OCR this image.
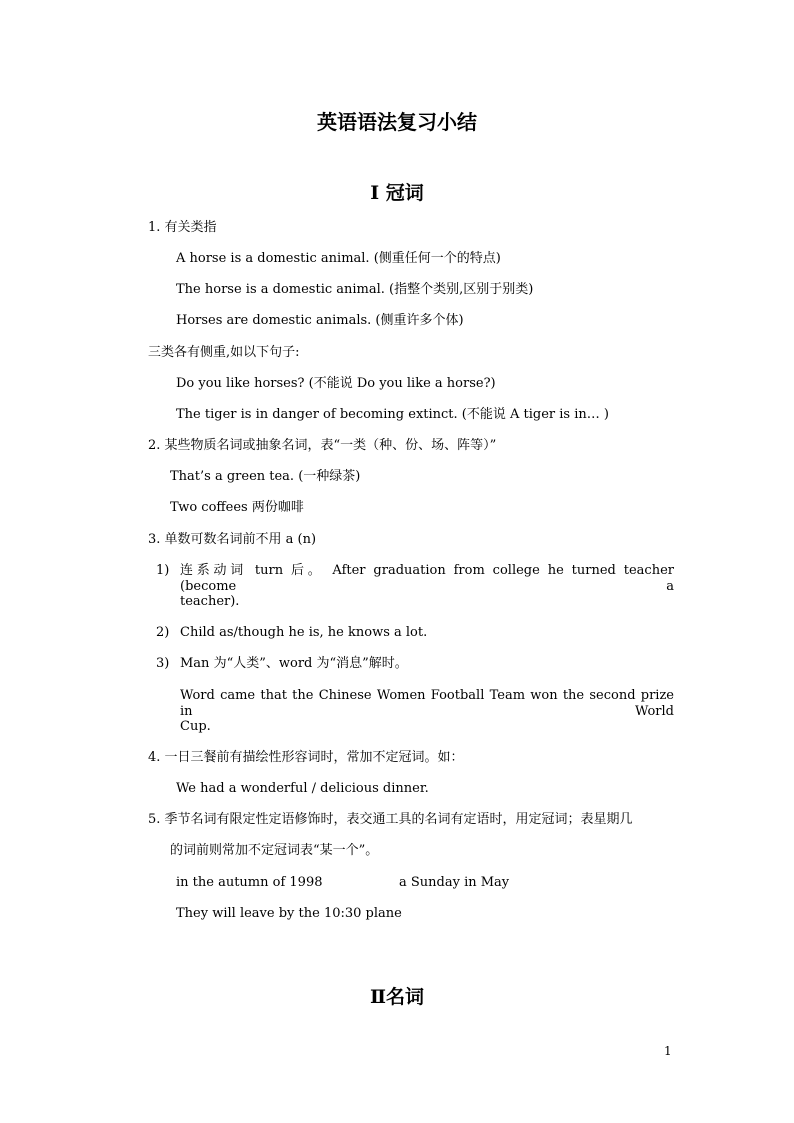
英语语法复习小结
Ⅰ 冠词
1. 有关类指
A horse is a domestic animal. (侧重任何一个的特点)
The horse is a domestic animal. (指整个类别,区别于别类)
Horses are domestic animals. (侧重许多个体)
三类各有侧重,如以下句子:
Do you like horses? (不能说 Do you like a horse?)
The tiger is in danger of becoming extinct. (不能说 A tiger is in… )
2. 某些物质名词或抽象名词，表“一类（种、份、场、阵等）”
That’s a green tea. (一种绿茶)
Two coffees 两份咖啡
3. 单数可数名词前不用 a (n)
1) 连系动词 turn 后。 After graduation from college he turned teacher (become a
teacher).
2) Child as/though he is, he knows a lot.
3) Man 为“人类”、word 为“消息”解时。
Word came that the Chinese Women Football Team won the second prize in World
Cup.
4. 一日三餐前有描绘性形容词时，常加不定冠词。如：
We had a wonderful / delicious dinner.
5. 季节名词有限定性定语修饰时，表交通工具的名词有定语时，用定冠词；表星期几
的词前则常加不定冠词表“某一个”。
in the autumn of 1998	a Sunday in May
They will leave by the 10:30 plane
Ⅱ名词
1
